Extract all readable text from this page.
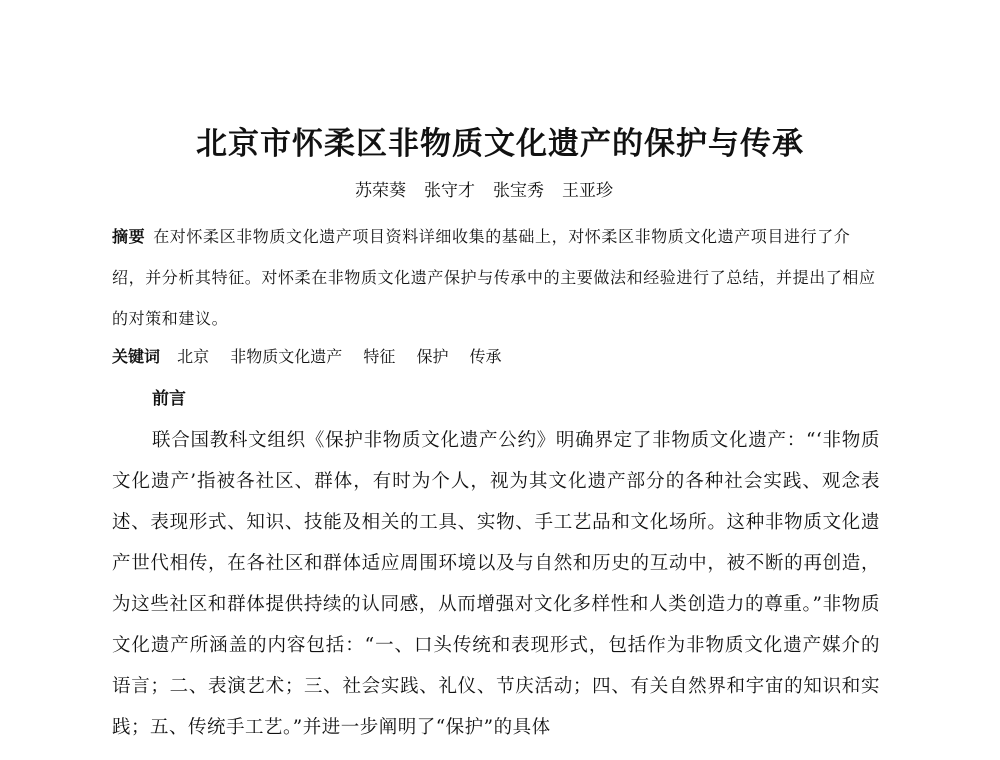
北京市怀柔区非物质文化遗产的保护与传承
苏荣葵 张守才 张宝秀 王亚珍
摘要 在对怀柔区非物质文化遗产项目资料详细收集的基础上，对怀柔区非物质文化遗产项目进行了介绍，并分析其特征。对怀柔在非物质文化遗产保护与传承中的主要做法和经验进行了总结，并提出了相应的对策和建议。
关键词 北京 非物质文化遗产 特征 保护 传承
前言
联合国教科文组织《保护非物质文化遗产公约》明确界定了非物质文化遗产：“‘非物质文化遗产’指被各社区、群体，有时为个人，视为其文化遗产部分的各种社会实践、观念表述、表现形式、知识、技能及相关的工具、实物、手工艺品和文化场所。这种非物质文化遗产世代相传，在各社区和群体适应周围环境以及与自然和历史的互动中，被不断的再创造，为这些社区和群体提供持续的认同感，从而增强对文化多样性和人类创造力的尊重。”非物质文化遗产所涵盖的内容包括：“一、口头传统和表现形式，包括作为非物质文化遗产媒介的语言；二、表演艺术；三、社会实践、礼仪、节庆活动；四、有关自然界和宇宙的知识和实践；五、传统手工艺。”并进一步阐明了“保护”的具体
